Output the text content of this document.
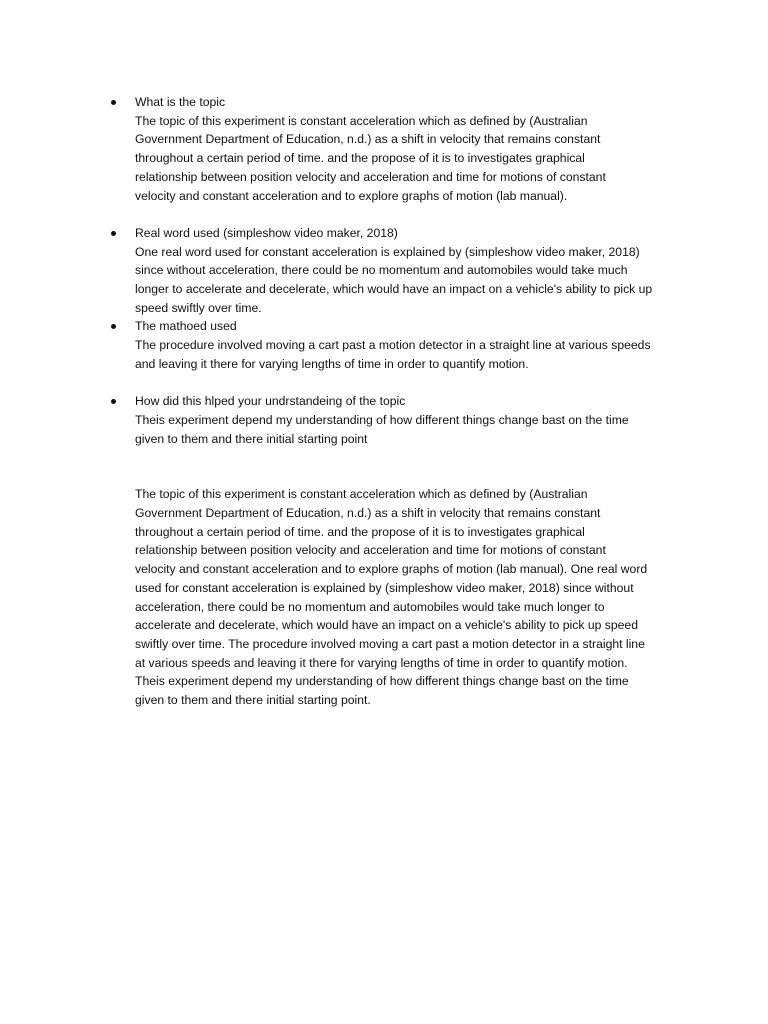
What is the topic
The topic of this experiment is constant acceleration which as defined by (Australian
Government Department of Education, n.d.) as a shift in velocity that remains constant
throughout a certain period of time. and the propose of it is to investigates graphical
relationship between position velocity and acceleration and time for motions of constant
velocity and constant acceleration and to explore graphs of motion (lab manual).
Real word used (simpleshow video maker, 2018)
One real word used for constant acceleration is explained by (simpleshow video maker, 2018)
since without acceleration, there could be no momentum and automobiles would take much
longer to accelerate and decelerate, which would have an impact on a vehicle's ability to pick up
speed swiftly over time.
The mathoed used
The procedure involved moving a cart past a motion detector in a straight line at various speeds
and leaving it there for varying lengths of time in order to quantify motion.
How did this hlped your undrstandeing of the topic
Theis experiment depend my understanding of how different things change bast on the time
given to them and there initial starting point
The topic of this experiment is constant acceleration which as defined by (Australian
Government Department of Education, n.d.) as a shift in velocity that remains constant
throughout a certain period of time. and the propose of it is to investigates graphical
relationship between position velocity and acceleration and time for motions of constant
velocity and constant acceleration and to explore graphs of motion (lab manual). One real word
used for constant acceleration is explained by (simpleshow video maker, 2018) since without
acceleration, there could be no momentum and automobiles would take much longer to
accelerate and decelerate, which would have an impact on a vehicle's ability to pick up speed
swiftly over time. The procedure involved moving a cart past a motion detector in a straight line
at various speeds and leaving it there for varying lengths of time in order to quantify motion.
Theis experiment depend my understanding of how different things change bast on the time
given to them and there initial starting point.
